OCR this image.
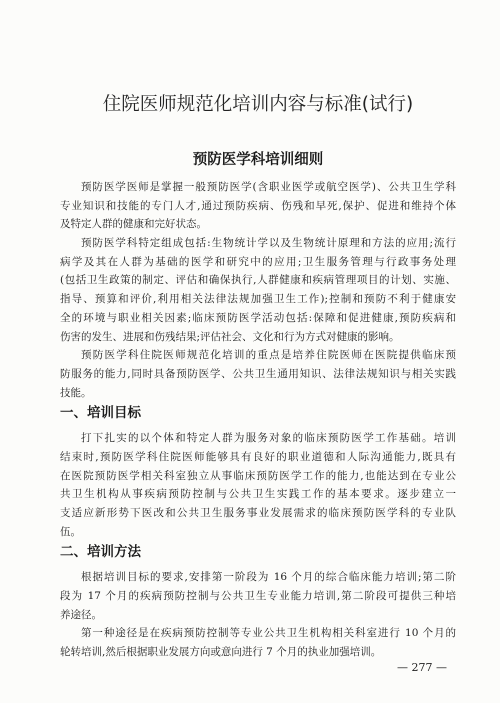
住院医师规范化培训内容与标准(试行)
预防医学科培训细则
预防医学医师是掌握一般预防医学(含职业医学或航空医学)、公共卫生学科
专业知识和技能的专门人才,通过预防疾病、伤残和早死,保护、促进和维持个体
及特定人群的健康和完好状态。
预防医学科特定组成包括:生物统计学以及生物统计原理和方法的应用;流行
病学及其在人群为基础的医学和研究中的应用;卫生服务管理与行政事务处理
(包括卫生政策的制定、评估和确保执行,人群健康和疾病管理项目的计划、实施、
指导、预算和评价,利用相关法律法规加强卫生工作);控制和预防不利于健康安
全的环境与职业相关因素;临床预防医学活动包括:保障和促进健康,预防疾病和
伤害的发生、进展和伤残结果;评估社会、文化和行为方式对健康的影响。
预防医学科住院医师规范化培训的重点是培养住院医师在医院提供临床预
防服务的能力,同时具备预防医学、公共卫生通用知识、法律法规知识与相关实践
技能。
一、培训目标
打下扎实的以个体和特定人群为服务对象的临床预防医学工作基础。培训
结束时,预防医学科住院医师能够具有良好的职业道德和人际沟通能力,既具有
在医院预防医学相关科室独立从事临床预防医学工作的能力,也能达到在专业公
共卫生机构从事疾病预防控制与公共卫生实践工作的基本要求。逐步建立一
支适应新形势下医改和公共卫生服务事业发展需求的临床预防医学科的专业队
伍。
二、培训方法
根据培训目标的要求,安排第一阶段为 16 个月的综合临床能力培训;第二阶
段为 17 个月的疾病预防控制与公共卫生专业能力培训,第二阶段可提供三种培
养途径。
第一种途径是在疾病预防控制等专业公共卫生机构相关科室进行 10 个月的
轮转培训,然后根据职业发展方向或意向进行 7 个月的执业加强培训。
— 277 —
